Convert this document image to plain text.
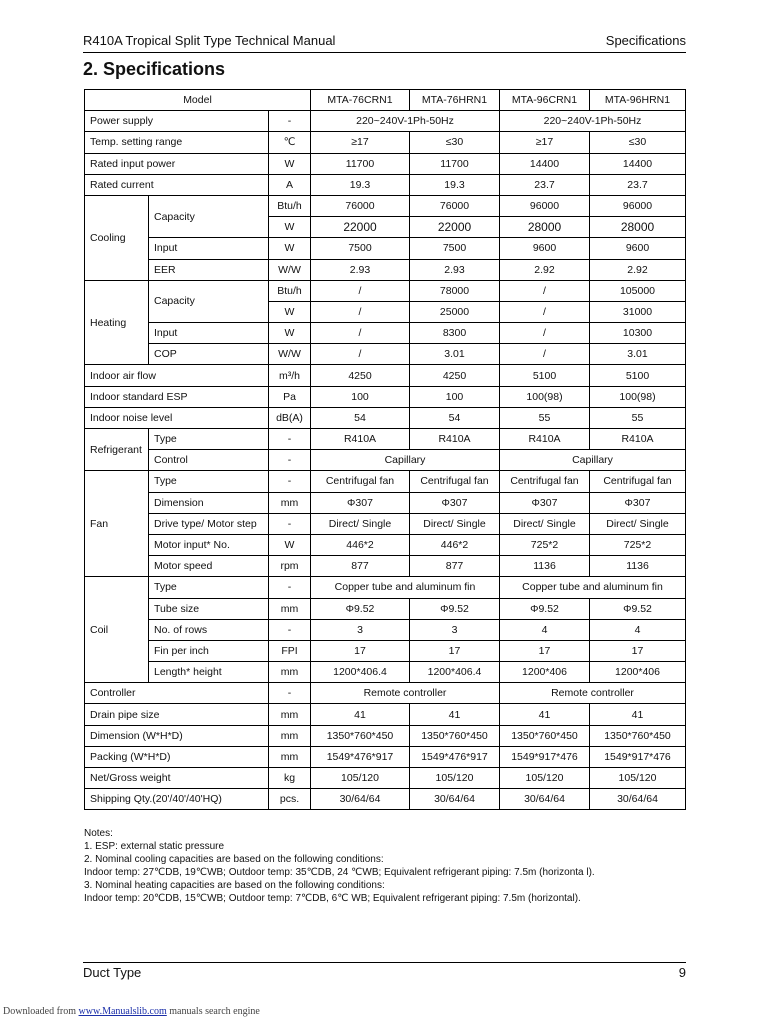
R410A Tropical Split Type Technical Manual	Specifications
2. Specifications
Model			MTA-76CRN1	MTA-76HRN1	MTA-96CRN1	MTA-96HRN1
Power supply		-	220~240V-1Ph-50Hz		220~240V-1Ph-50Hz	
Temp. setting range		℃	≥17	≤30	≥17	≤30
Rated input power		W	11700	11700	14400	14400
Rated current		A	19.3	19.3	23.7	23.7
Cooling	Capacity	Btu/h	76000	76000	96000	96000
		W	22000	22000	28000	28000
	Input	W	7500	7500	9600	9600
	EER	W/W	2.93	2.93	2.92	2.92
Heating	Capacity	Btu/h	/	78000	/	105000
		W	/	25000	/	31000
	Input	W	/	8300	/	10300
	COP	W/W	/	3.01	/	3.01
Indoor air flow		m³/h	4250	4250	5100	5100
Indoor standard ESP		Pa	100	100	100(98)	100(98)
Indoor noise level		dB(A)	54	54	55	55
Refrigerant	Type	-	R410A	R410A	R410A	R410A
	Control	-	Capillary		Capillary	
Fan	Type	-	Centrifugal fan	Centrifugal fan	Centrifugal fan	Centrifugal fan
	Dimension	mm	Φ307	Φ307	Φ307	Φ307
	Drive type/ Motor step	-	Direct/ Single	Direct/ Single	Direct/ Single	Direct/ Single
	Motor input* No.	W	446*2	446*2	725*2	725*2
	Motor speed	rpm	877	877	1136	1136
Coil	Type	-	Copper tube and aluminum fin		Copper tube and aluminum fin	
	Tube size	mm	Φ9.52	Φ9.52	Φ9.52	Φ9.52
	No. of rows	-	3	3	4	4
	Fin per inch	FPI	17	17	17	17
	Length* height	mm	1200*406.4	1200*406.4	1200*406	1200*406
Controller		-	Remote controller		Remote controller	
Drain pipe size		mm	41	41	41	41
Dimension (W*H*D)		mm	1350*760*450	1350*760*450	1350*760*450	1350*760*450
Packing (W*H*D)		mm	1549*476*917	1549*476*917	1549*917*476	1549*917*476
Net/Gross weight		kg	105/120	105/120	105/120	105/120
Shipping Qty.(20'/40'/40'HQ)		pcs.	30/64/64	30/64/64	30/64/64	30/64/64
Notes:
1. ESP: external static pressure
2. Nominal cooling capacities are based on the following conditions:
Indoor temp: 27℃DB, 19℃WB; Outdoor temp: 35℃DB, 24 ℃WB; Equivalent refrigerant piping: 7.5m (horizonta l).
3. Nominal heating capacities are based on the following conditions:
Indoor temp: 20℃DB, 15℃WB; Outdoor temp: 7℃DB, 6℃ WB; Equivalent refrigerant piping: 7.5m (horizontal).
Duct Type	9
Downloaded from www.Manualslib.com manuals search engine
